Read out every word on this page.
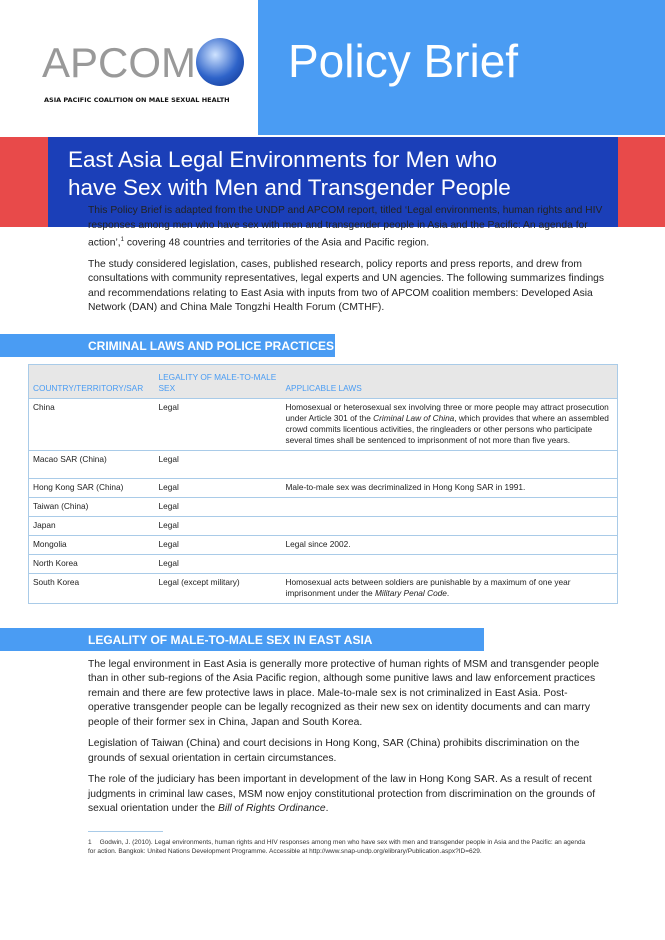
APCOM
ASIA PACIFIC COALITION ON MALE SEXUAL HEALTH
Policy Brief
East Asia Legal Environments for Men who
have Sex with Men and Transgender People

This Policy Brief is adapted from the UNDP and APCOM report, titled ‘Legal environments, human rights and HIV responses among men who have sex with men and transgender people in Asia and the Pacific: An agenda for action’,$^1$ covering 48 countries and territories of the Asia and Pacific region.

The study considered legislation, cases, published research, policy reports and press reports, and drew from consultations with community representatives, legal experts and UN agencies. The following summarizes findings and recommendations relating to East Asia with inputs from two of APCOM coalition members: Developed Asia Network (DAN) and China Male Tongzhi Health Forum (CMTHF).

CRIMINAL LAWS AND POLICE PRACTICES
COUNTRY/TERRITORY/SAR	LEGALITY OF MALE-TO-MALE SEX	APPLICABLE LAWS
China	Legal	Homosexual or heterosexual sex involving three or more people may attract prosecution under Article 301 of the Criminal Law of China, which provides that where an assembled crowd commits licentious activities, the ringleaders or other persons who participate several times shall be sentenced to imprisonment of not more than five years.
Macao SAR (China)	Legal	
Hong Kong SAR (China)	Legal	Male-to-male sex was decriminalized in Hong Kong SAR in 1991.
Taiwan (China)	Legal	
Japan	Legal	
Mongolia	Legal	Legal since 2002.
North Korea	Legal	
South Korea	Legal (except military)	Homosexual acts between soldiers are punishable by a maximum of one year imprisonment under the Military Penal Code.
LEGALITY OF MALE-TO-MALE SEX IN EAST ASIA

The legal environment in East Asia is generally more protective of human rights of MSM and transgender people than in other sub-regions of the Asia Pacific region, although some punitive laws and law enforcement practices remain and there are few protective laws in place. Male-to-male sex is not criminalized in East Asia. Post-operative transgender people can be legally recognized as their new sex on identity documents and can marry people of their former sex in China, Japan and South Korea.

Legislation of Taiwan (China) and court decisions in Hong Kong, SAR (China) prohibits discrimination on the grounds of sexual orientation in certain circumstances.

The role of the judiciary has been important in development of the law in Hong Kong SAR. As a result of recent judgments in criminal law cases, MSM now enjoy constitutional protection from discrimination on the grounds of sexual orientation under the Bill of Rights Ordinance.

1 Godwin, J. (2010). Legal environments, human rights and HIV responses among men who have sex with men and transgender people in Asia and the Pacific: an agenda for action. Bangkok: United Nations Development Programme. Accessible at http://www.snap-undp.org/elibrary/Publication.aspx?ID=629.
